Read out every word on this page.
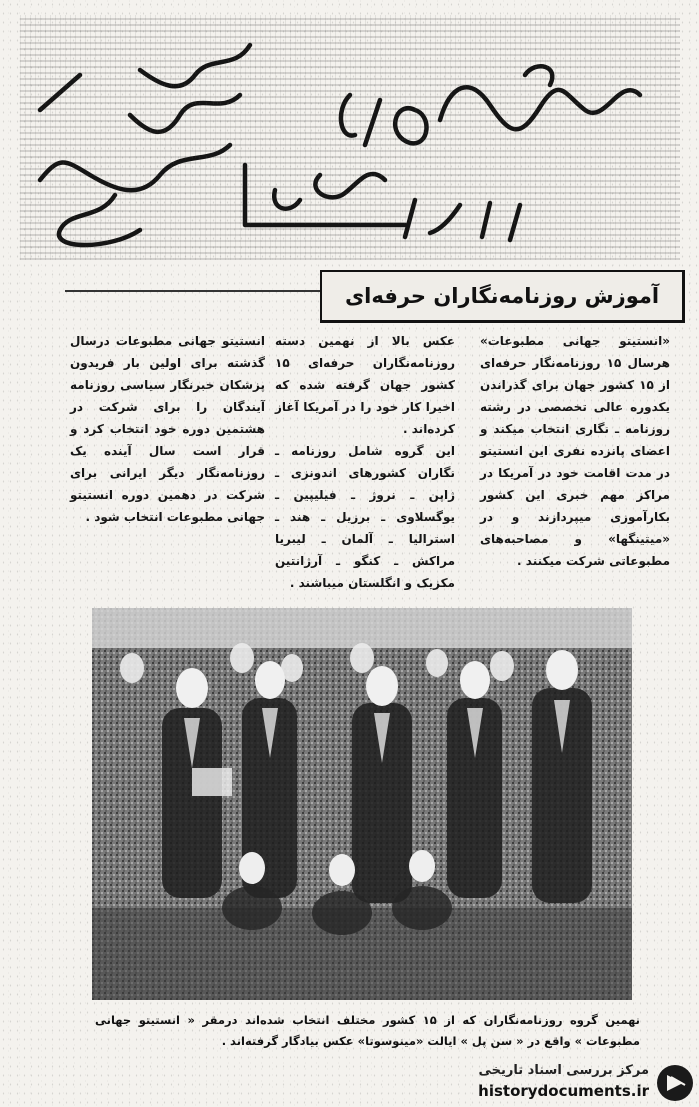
آموزش روزنامه‌نگاران حرفه‌ای

«انستیتو جهانی مطبوعات» هرسال ۱۵ روزنامه‌نگار حرفه‌ای از ۱۵ کشور جهان برای گذراندن یکدوره عالی تخصصی در رشته روزنامه ـ نگاری انتخاب میکند و اعضای پانزده نفری این انستیتو در مدت اقامت خود در آمریکا در مراکز مهم خبری این کشور بکارآموزی میپردازند و در «میتینگها» و مصاحبه‌های مطبوعاتی شرکت میکنند .

عکس بالا از نهمین دسته روزنامه‌نگاران حرفه‌ای ۱۵ کشور جهان گرفته شده که اخیرا کار خود را در آمریکا آغاز کرده‌اند .

این گروه شامل روزنامه ـ نگاران کشورهای اندونزی ـ ژاپن ـ نروژ ـ فیلیپین ـ یوگسلاوی ـ برزیل ـ هند ـ استرالیا ـ آلمان ـ لیبریا مراکش ـ کنگو ـ آرژانتین مکزیک و انگلستان میباشند .

انستیتو جهانی مطبوعات درسال گذشته برای اولین بار فریدون پزشکان خبرنگار سیاسی روزنامه آیندگان را برای شرکت در هشتمین دوره خود انتخاب کرد و قرار است سال آینده یک روزنامه‌نگار دیگر ایرانی برای شرکت در دهمین دوره انستیتو جهانی مطبوعات انتخاب شود .

نهمین گروه روزنامه‌نگاران که از ۱۵ کشور مختلف انتخاب شده‌اند درمقر « انستیتو جهانی مطبوعات » واقع در « سن پل » ایالت «مینوسوتا» عکس بیادگار گرفته‌اند .
مرکز بررسی اسناد تاریخی
historydocuments.ir
